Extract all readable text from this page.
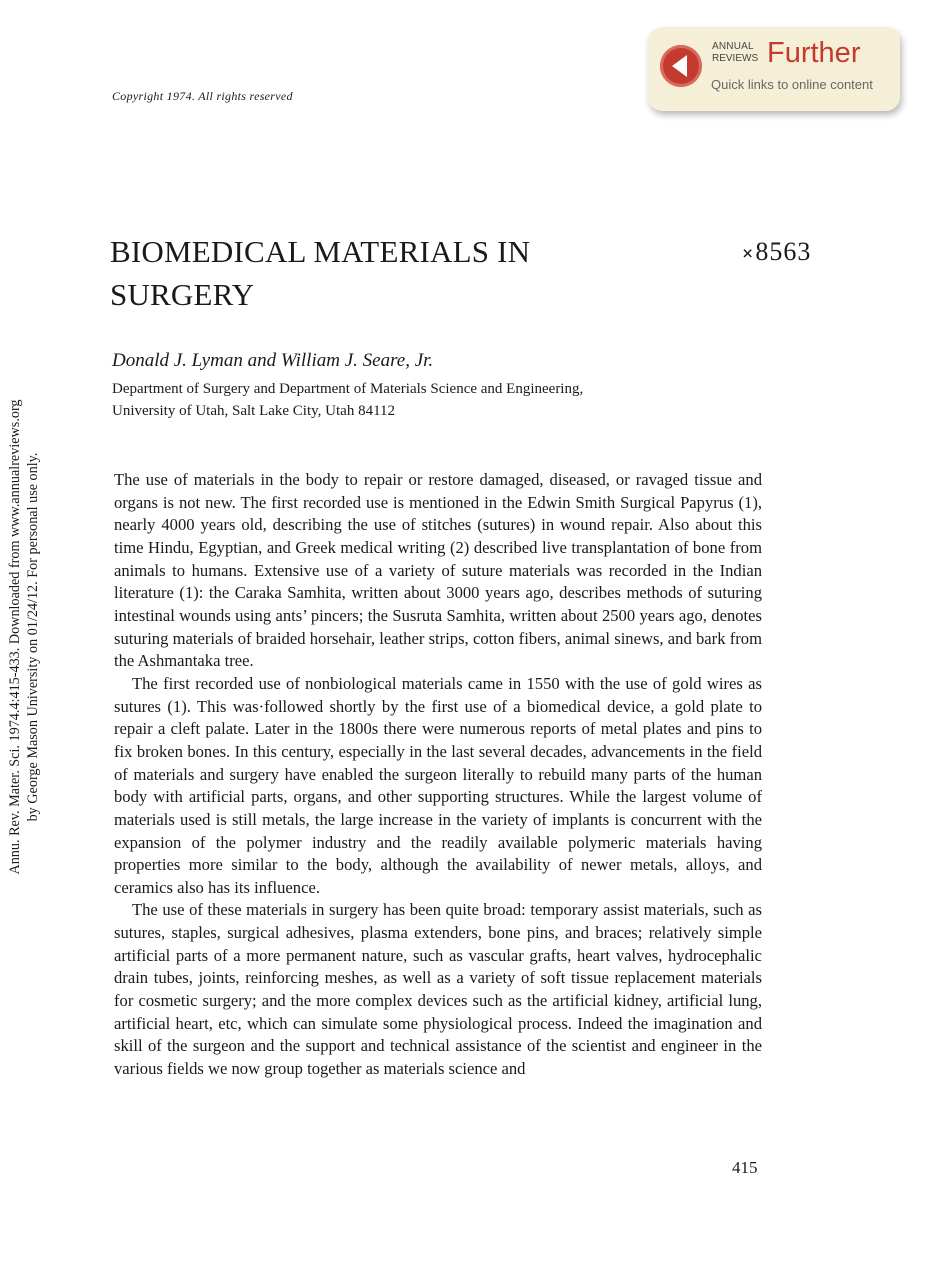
Copyright 1974. All rights reserved
ANNUAL
REVIEWS Further
Quick links to online content
BIOMEDICAL MATERIALS IN
SURGERY
×8563
Donald J. Lyman and William J. Seare, Jr.
Department of Surgery and Department of Materials Science and Engineering,
University of Utah, Salt Lake City, Utah 84112

The use of materials in the body to repair or restore damaged, diseased, or ravaged tissue and organs is not new. The first recorded use is mentioned in the Edwin Smith Surgical Papyrus (1), nearly 4000 years old, describing the use of stitches (sutures) in wound repair. Also about this time Hindu, Egyptian, and Greek medical writing (2) described live transplantation of bone from animals to humans. Extensive use of a variety of suture materials was recorded in the Indian literature (1): the Caraka Samhita, written about 3000 years ago, describes methods of suturing intestinal wounds using ants’ pincers; the Susruta Samhita, written about 2500 years ago, denotes suturing materials of braided horsehair, leather strips, cotton fibers, animal sinews, and bark from the Ashmantaka tree.

The first recorded use of nonbiological materials came in 1550 with the use of gold wires as sutures (1). This was·followed shortly by the first use of a biomedical device, a gold plate to repair a cleft palate. Later in the 1800s there were numerous reports of metal plates and pins to fix broken bones. In this century, especially in the last several decades, advancements in the field of materials and surgery have enabled the surgeon literally to rebuild many parts of the human body with artificial parts, organs, and other supporting structures. While the largest volume of materials used is still metals, the large increase in the variety of implants is concurrent with the expansion of the polymer industry and the readily available polymeric materials having properties more similar to the body, although the availability of newer metals, alloys, and ceramics also has its influence.

The use of these materials in surgery has been quite broad: temporary assist materials, such as sutures, staples, surgical adhesives, plasma extenders, bone pins, and braces; relatively simple artificial parts of a more permanent nature, such as vascular grafts, heart valves, hydrocephalic drain tubes, joints, reinforcing meshes, as well as a variety of soft tissue replacement materials for cosmetic surgery; and the more complex devices such as the artificial kidney, artificial lung, artificial heart, etc, which can simulate some physiological process. Indeed the imagination and skill of the surgeon and the support and technical assistance of the scientist and engineer in the various fields we now group together as materials science and

415
Annu. Rev. Mater. Sci. 1974.4:415-433. Downloaded from www.annualreviews.org by George Mason University on 01/24/12. For personal use only.
